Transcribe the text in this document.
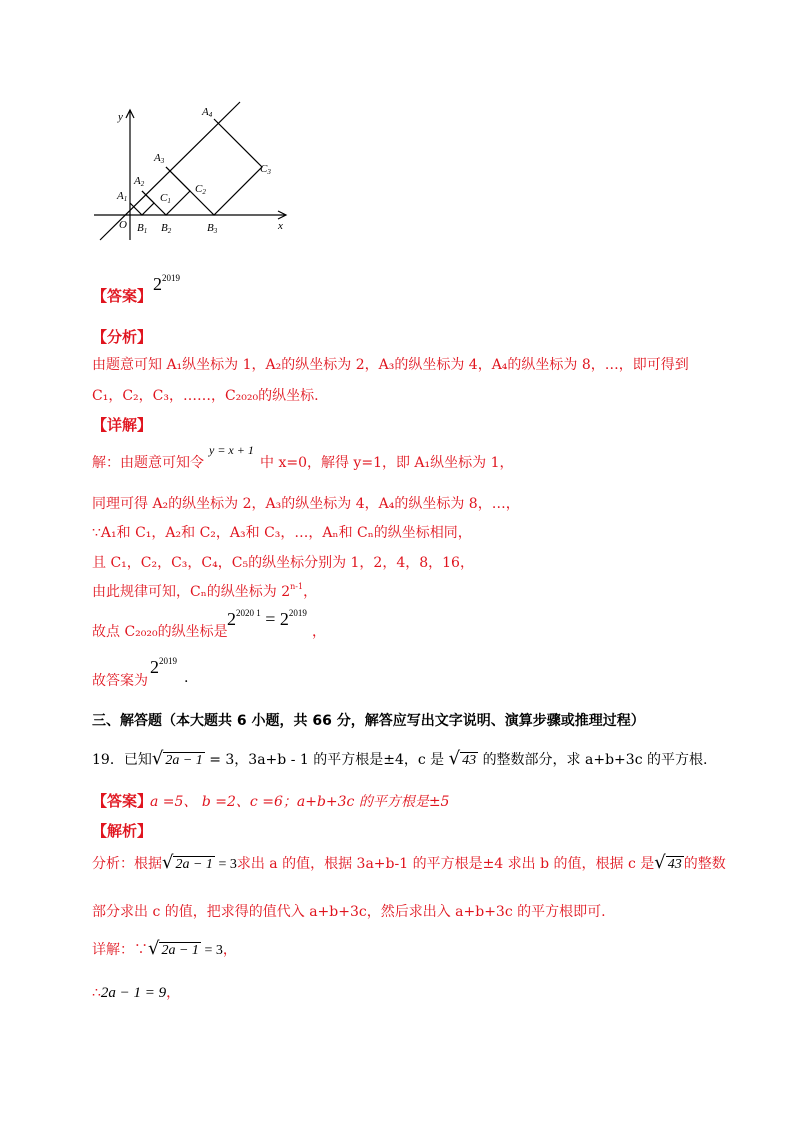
y
x
O
A1
A2
A3
A4
B1 B2	B3
C1
C2
C3
【答案】
$2^{2019}$
【分析】
由题意可知 A₁纵坐标为 1，A₂的纵坐标为 2，A₃的纵坐标为 4，A₄的纵坐标为 8，…，即可得到
C₁，C₂，C₃，……，C₂₀₂₀的纵坐标.
【详解】
解：由题意可知令
y = x + 1
中 x=0，解得 y=1，即 A₁纵坐标为 1，
同理可得 A₂的纵坐标为 2，A₃的纵坐标为 4，A₄的纵坐标为 8，…，
∵A₁和 C₁，A₂和 C₂，A₃和 C₃，…，Aₙ和 Cₙ的纵坐标相同，
且 C₁，C₂，C₃，C₄，C₅的纵坐标分别为 1，2，4，8，16，
由此规律可知，Cₙ的纵坐标为 2$^{n-1}$，
故点 C₂₀₂₀的纵坐标是
$2^{2020 1} = 2^{2019}$
，
故答案为
$2^{2019}$
.
三、解答题（本大题共 6 小题，共 66 分，解答应写出文字说明、演算步骤或推理过程）
19．已知√ 2a − 1 = 3，3a+b - 1 的平方根是±4，c 是 √ 43 的整数部分，求 a+b+3c 的平方根.
【答案】
a =5、 b =2、c =6；a+b+3c 的平方根是±5
【解析】
分析：根据√ 2a − 1 = 3求出 a 的值，根据 3a+b-1 的平方根是±4 求出 b 的值，根据 c 是√ 43 的整数
部分求出 c 的值，把求得的值代入 a+b+3c，然后求出入 a+b+3c 的平方根即可.
详解：∵√ 2a − 1 = 3，
∴2a − 1 = 9，
